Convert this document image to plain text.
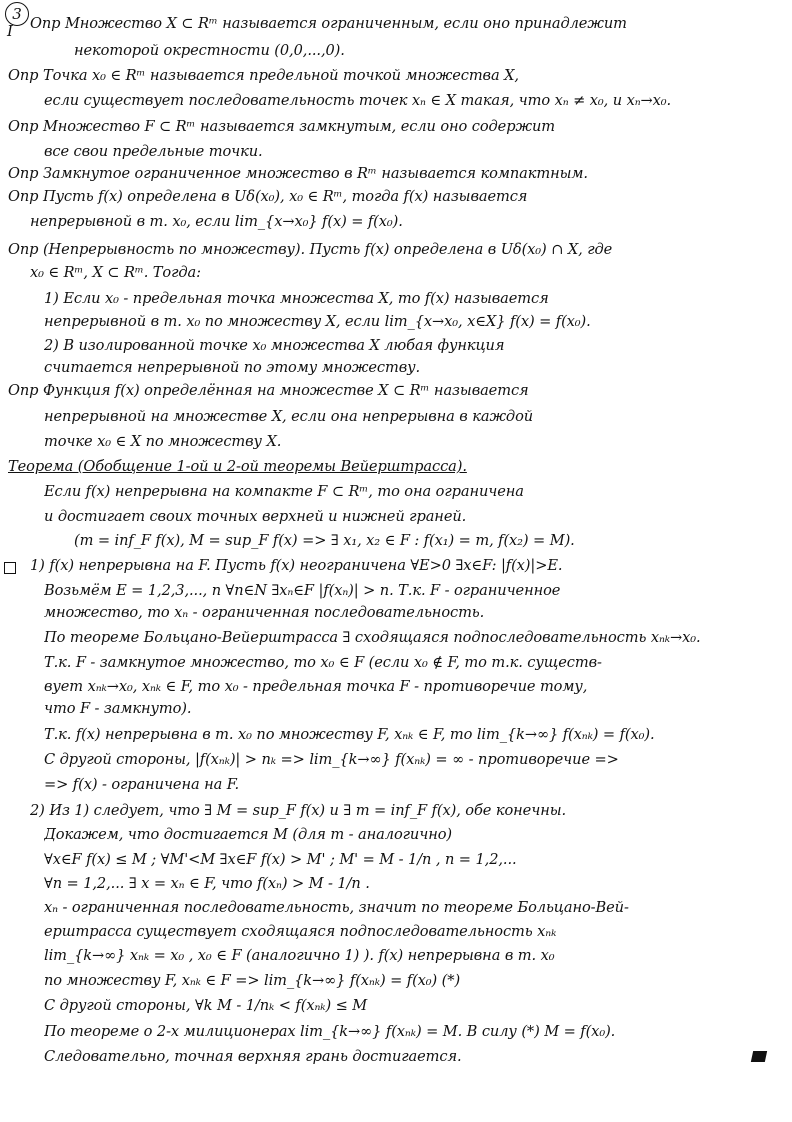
3
I Опр Множество X ⊂ Rᵐ называется ограниченным, если оно принадлежит
некоторой окрестности (0,0,...,0).
Опр Точка x₀ ∈ Rᵐ называется предельной точкой множества X,
если существует последовательность точек xₙ ∈ X такая, что xₙ ≠ x₀, и xₙ→x₀.
Опр Множество F ⊂ Rᵐ называется замкнутым, если оно содержит
все свои предельные точки.
Опр Замкнутое ограниченное множество в Rᵐ называется компактным.
Опр Пусть f(x) определена в Uδ(x₀), x₀ ∈ Rᵐ, тогда f(x) называется
непрерывной в т. x₀, если lim_{x→x₀} f(x) = f(x₀).
Опр (Непрерывность по множеству). Пусть f(x) определена в Uδ(x₀) ∩ X, где
x₀ ∈ Rᵐ, X ⊂ Rᵐ. Тогда:
1) Если x₀ - предельная точка множества X, то f(x) называется
непрерывной в т. x₀ по множеству X, если lim_{x→x₀, x∈X} f(x) = f(x₀).
2) В изолированной точке x₀ множества X любая функция
считается непрерывной по этому множеству.
Опр Функция f(x) определённая на множестве X ⊂ Rᵐ называется
непрерывной на множестве X, если она непрерывна в каждой
точке x₀ ∈ X по множеству X.
Теорема (Обобщение 1-ой и 2-ой теоремы Вейерштрасса).
Если f(x) непрерывна на компакте F ⊂ Rᵐ, то она ограничена
и достигает своих точных верхней и нижней граней.
(m = inf_F f(x), M = sup_F f(x) => ∃ x₁, x₂ ∈ F : f(x₁) = m, f(x₂) = M).
1) f(x) непрерывна на F. Пусть f(x) неограничена ∀E>0 ∃x∈F: |f(x)|>E.
Возьмём E = 1,2,3,..., n ∀n∈N ∃xₙ∈F |f(xₙ)| > n. Т.к. F - ограниченное
множество, то xₙ - ограниченная последовательность.
По теореме Больцано-Вейерштрасса ∃ сходящаяся подпоследовательность xₙₖ→x₀.
Т.к. F - замкнутое множество, то x₀ ∈ F (если x₀ ∉ F, то т.к. существ-
вует xₙₖ→x₀, xₙₖ ∈ F, то x₀ - предельная точка F - противоречие тому,
что F - замкнуто).
Т.к. f(x) непрерывна в т. x₀ по множеству F, xₙₖ ∈ F, то lim_{k→∞} f(xₙₖ) = f(x₀).
С другой стороны, |f(xₙₖ)| > nₖ => lim_{k→∞} f(xₙₖ) = ∞ - противоречие =>
=> f(x) - ограничена на F.
2) Из 1) следует, что ∃ M = sup_F f(x) и ∃ m = inf_F f(x), обе конечны.
Докажем, что достигается M (для m - аналогично)
∀x∈F f(x) ≤ M ; ∀M'<M ∃x∈F f(x) > M' ; M' = M - 1/n , n = 1,2,...
∀n = 1,2,... ∃ x = xₙ ∈ F, что f(xₙ) > M - 1/n .
xₙ - ограниченная последовательность, значит по теореме Больцано-Вей-
ерштрасса существует сходящаяся подпоследовательность xₙₖ
lim_{k→∞} xₙₖ = x₀ , x₀ ∈ F (аналогично 1) ). f(x) непрерывна в т. x₀
по множеству F, xₙₖ ∈ F => lim_{k→∞} f(xₙₖ) = f(x₀) (*)
С другой стороны, ∀k M - 1/nₖ < f(xₙₖ) ≤ M
По теореме о 2-х милиционерах lim_{k→∞} f(xₙₖ) = M. В силу (*) M = f(x₀).
Следовательно, точная верхняя грань достигается.
